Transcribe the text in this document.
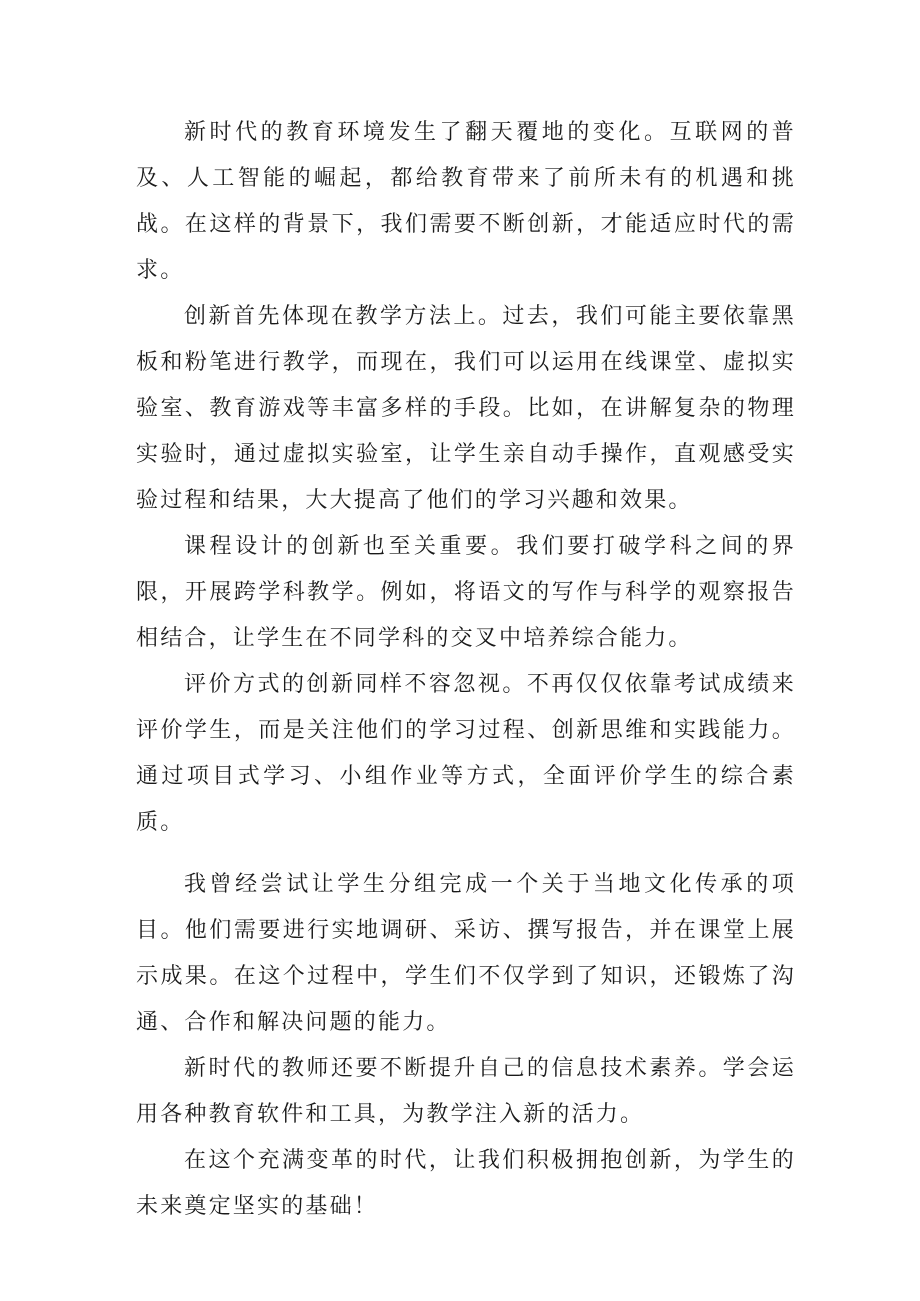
新时代的教育环境发生了翻天覆地的变化。互联网的普及、人工智能的崛起，都给教育带来了前所未有的机遇和挑战。在这样的背景下，我们需要不断创新，才能适应时代的需求。

创新首先体现在教学方法上。过去，我们可能主要依靠黑板和粉笔进行教学，而现在，我们可以运用在线课堂、虚拟实验室、教育游戏等丰富多样的手段。比如，在讲解复杂的物理实验时，通过虚拟实验室，让学生亲自动手操作，直观感受实验过程和结果，大大提高了他们的学习兴趣和效果。

课程设计的创新也至关重要。我们要打破学科之间的界限，开展跨学科教学。例如，将语文的写作与科学的观察报告相结合，让学生在不同学科的交叉中培养综合能力。

评价方式的创新同样不容忽视。不再仅仅依靠考试成绩来评价学生，而是关注他们的学习过程、创新思维和实践能力。通过项目式学习、小组作业等方式，全面评价学生的综合素质。

我曾经尝试让学生分组完成一个关于当地文化传承的项目。他们需要进行实地调研、采访、撰写报告，并在课堂上展示成果。在这个过程中，学生们不仅学到了知识，还锻炼了沟通、合作和解决问题的能力。

新时代的教师还要不断提升自己的信息技术素养。学会运用各种教育软件和工具，为教学注入新的活力。

在这个充满变革的时代，让我们积极拥抱创新，为学生的未来奠定坚实的基础！
